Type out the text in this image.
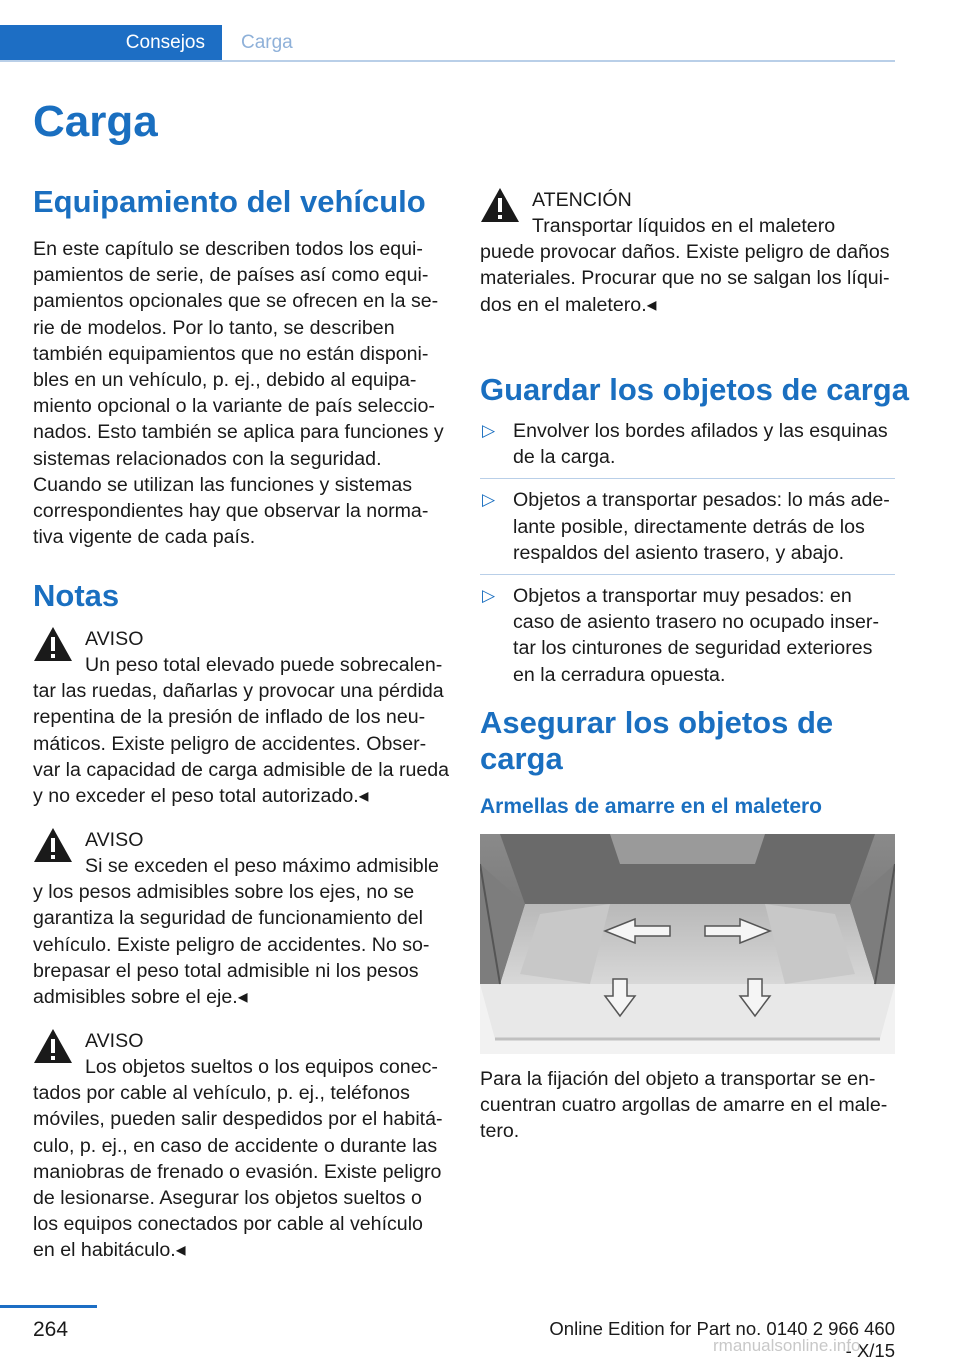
Consejos	Carga
Carga
Equipamiento del vehículo

En este capítulo se describen todos los equi-

pamientos de serie, de países así como equi-

pamientos opcionales que se ofrecen en la se-

rie de modelos. Por lo tanto, se describen

también equipamientos que no están disponi-

bles en un vehículo, p. ej., debido al equipa-

miento opcional o la variante de país seleccio-

nados. Esto también se aplica para funciones y

sistemas relacionados con la seguridad.

Cuando se utilizan las funciones y sistemas

correspondientes hay que observar la norma-

tiva vigente de cada país.

Notas
AVISO

Un peso total elevado puede sobrecalen-

tar las ruedas, dañarlas y provocar una pérdida

repentina de la presión de inflado de los neu-

máticos. Existe peligro de accidentes. Obser-

var la capacidad de carga admisible de la rueda

y no exceder el peso total autorizado.◂

AVISO

Si se exceden el peso máximo admisible

y los pesos admisibles sobre los ejes, no se

garantiza la seguridad de funcionamiento del

vehículo. Existe peligro de accidentes. No so-

brepasar el peso total admisible ni los pesos

admisibles sobre el eje.◂

AVISO

Los objetos sueltos o los equipos conec-

tados por cable al vehículo, p. ej., teléfonos

móviles, pueden salir despedidos por el habitá-

culo, p. ej., en caso de accidente o durante las

maniobras de frenado o evasión. Existe peligro

de lesionarse. Asegurar los objetos sueltos o

los equipos conectados por cable al vehículo

en el habitáculo.◂

ATENCIÓN

Transportar líquidos en el maletero

puede provocar daños. Existe peligro de daños

materiales. Procurar que no se salgan los líqui-

dos en el maletero.◂

Guardar los objetos de carga
▷ Envolver los bordes afilados y las esquinas
de la carga.
▷ Objetos a transportar pesados: lo más ade-
lante posible, directamente detrás de los
respaldos del asiento trasero, y abajo.
▷ Objetos a transportar muy pesados: en
caso de asiento trasero no ocupado inser-
tar los cinturones de seguridad exteriores
en la cerradura opuesta.
Asegurar los objetos de
carga
Armellas de amarre en el maletero

Para la fijación del objeto a transportar se en-

cuentran cuatro argollas de amarre en el male-

tero.

264	Online Edition for Part no. 0140 2 966 460 - X/15
rmanualsonline.info
